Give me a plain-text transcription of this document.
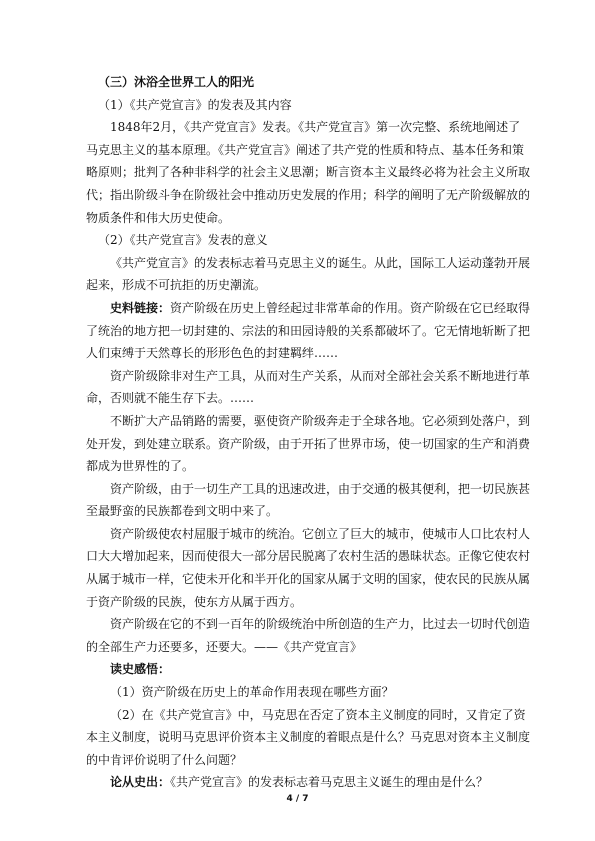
（三）沐浴全世界工人的阳光
（1）《共产党宣言》的发表及其内容
1848年2月，《共产党宣言》发表。《共产党宣言》第一次完整、系统地阐述了马克思主义的基本原理。《共产党宣言》阐述了共产党的性质和特点、基本任务和策略原则；批判了各种非科学的社会主义思潮；断言资本主义最终必将为社会主义所取代；指出阶级斗争在阶级社会中推动历史发展的作用；科学的阐明了无产阶级解放的物质条件和伟大历史使命。
（2）《共产党宣言》发表的意义
《共产党宣言》的发表标志着马克思主义的诞生。从此，国际工人运动蓬勃开展起来，形成不可抗拒的历史潮流。
史料链接：资产阶级在历史上曾经起过非常革命的作用。资产阶级在它已经取得了统治的地方把一切封建的、宗法的和田园诗般的关系都破坏了。它无情地斩断了把人们束缚于天然尊长的形形色色的封建羁绊……
资产阶级除非对生产工具，从而对生产关系，从而对全部社会关系不断地进行革命，否则就不能生存下去。……
不断扩大产品销路的需要，驱使资产阶级奔走于全球各地。它必须到处落户，到处开发，到处建立联系。资产阶级，由于开拓了世界市场，使一切国家的生产和消费都成为世界性的了。
资产阶级，由于一切生产工具的迅速改进，由于交通的极其便利，把一切民族甚至最野蛮的民族都卷到文明中来了。
资产阶级使农村屈服于城市的统治。它创立了巨大的城市，使城市人口比农村人口大大增加起来，因而使很大一部分居民脱离了农村生活的愚昧状态。正像它使农村从属于城市一样，它使未开化和半开化的国家从属于文明的国家，使农民的民族从属于资产阶级的民族，使东方从属于西方。
资产阶级在它的不到一百年的阶级统治中所创造的生产力，比过去一切时代创造的全部生产力还要多，还要大。——《共产党宣言》
读史感悟：
（1）资产阶级在历史上的革命作用表现在哪些方面？
（2）在《共产党宣言》中，马克思在否定了资本主义制度的同时，又肯定了资本主义制度，说明马克思评价资本主义制度的着眼点是什么？马克思对资本主义制度的中肯评价说明了什么问题？
论从史出：《共产党宣言》的发表标志着马克思主义诞生的理由是什么？
4 / 7
